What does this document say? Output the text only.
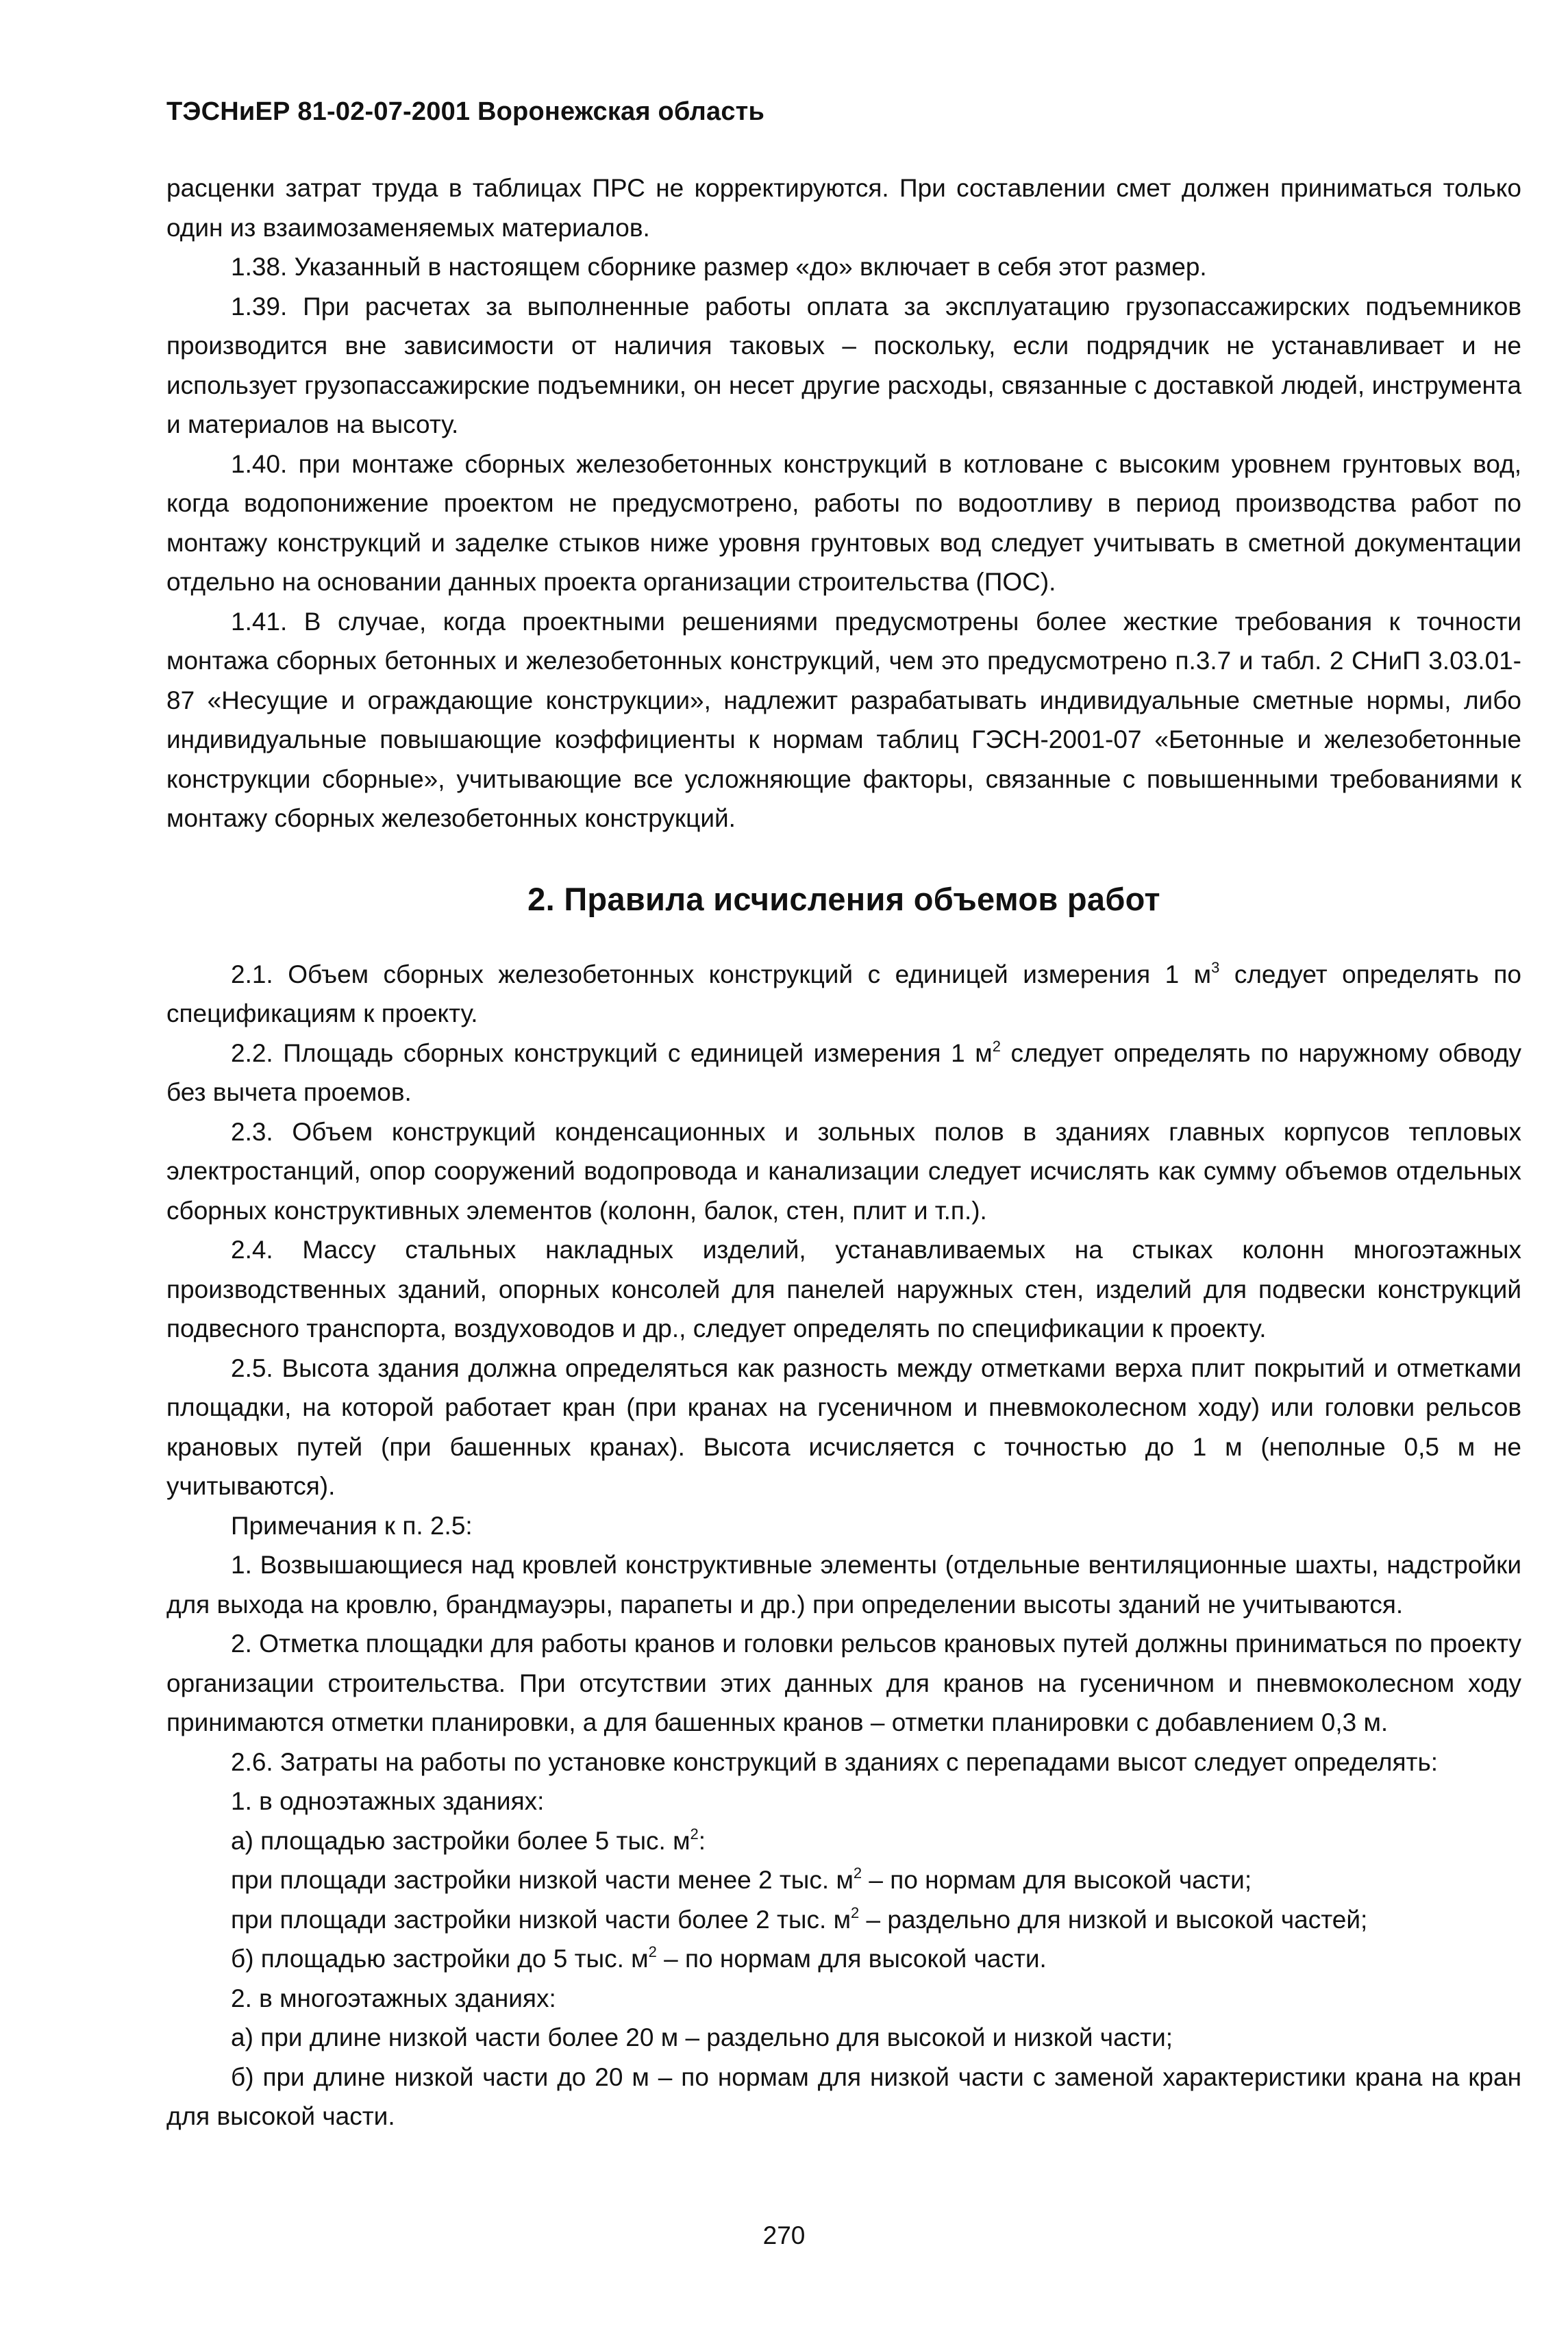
ТЭСНиЕР 81-02-07-2001 Воронежская область

расценки затрат труда в таблицах ПРС не корректируются. При составлении смет должен приниматься только один из взаимозаменяемых материалов.

1.38. Указанный в настоящем сборнике размер «до» включает в себя этот размер.

1.39. При расчетах за выполненные работы оплата за эксплуатацию грузопассажирских подъемников производится вне зависимости от наличия таковых – поскольку, если подрядчик не устанавливает и не использует грузопассажирские подъемники, он несет другие расходы, связанные с доставкой людей, инструмента и материалов на высоту.

1.40. при монтаже сборных железобетонных конструкций в котловане с высоким уровнем грунтовых вод, когда водопонижение проектом не предусмотрено, работы по водоотливу в период производства работ по монтажу конструкций и заделке стыков ниже уровня грунтовых вод следует учитывать в сметной документации отдельно на основании данных проекта организации строительства (ПОС).

1.41. В случае, когда проектными решениями предусмотрены более жесткие требования к точности монтажа сборных бетонных и железобетонных конструкций, чем это предусмотрено п.3.7 и табл. 2 СНиП 3.03.01-87 «Несущие и ограждающие конструкции», надлежит разрабатывать индивидуальные сметные нормы, либо индивидуальные повышающие коэффициенты к нормам таблиц ГЭСН-2001-07 «Бетонные и железобетонные конструкции сборные», учитывающие все усложняющие факторы, связанные с повышенными требованиями к монтажу сборных железобетонных конструкций.

2. Правила исчисления объемов работ

2.1. Объем сборных железобетонных конструкций с единицей измерения 1 $м^3$ следует определять по спецификациям к проекту.

2.2. Площадь сборных конструкций с единицей измерения 1 $м^2$ следует определять по наружному обводу без вычета проемов.

2.3. Объем конструкций конденсационных и зольных полов в зданиях главных корпусов тепловых электростанций, опор сооружений водопровода и канализации следует исчислять как сумму объемов отдельных сборных конструктивных элементов (колонн, балок, стен, плит и т.п.).

2.4. Массу стальных накладных изделий, устанавливаемых на стыках колонн многоэтажных производственных зданий, опорных консолей для панелей наружных стен, изделий для подвески конструкций подвесного транспорта, воздуховодов и др., следует определять по спецификации к проекту.

2.5. Высота здания должна определяться как разность между отметками верха плит покрытий и отметками площадки, на которой работает кран (при кранах на гусеничном и пневмоколесном ходу) или головки рельсов крановых путей (при башенных кранах). Высота исчисляется с точностью до 1 м (неполные 0,5 м не учитываются).

Примечания к п. 2.5:

1. Возвышающиеся над кровлей конструктивные элементы (отдельные вентиляционные шахты, надстройки для выхода на кровлю, брандмауэры, парапеты и др.) при определении высоты зданий не учитываются.

2. Отметка площадки для работы кранов и головки рельсов крановых путей должны приниматься по проекту организации строительства. При отсутствии этих данных для кранов на гусеничном и пневмоколесном ходу принимаются отметки планировки, а для башенных кранов – отметки планировки с добавлением 0,3 м.

2.6. Затраты на работы по установке конструкций в зданиях с перепадами высот следует определять:

1. в одноэтажных зданиях:

а) площадью застройки более 5 тыс. $м^2$:

при площади застройки низкой части менее 2 тыс. $м^2$ – по нормам для высокой части;

при площади застройки низкой части более 2 тыс. $м^2$ – раздельно для низкой и высокой частей;

б) площадью застройки до 5 тыс. $м^2$ – по нормам для высокой части.

2. в многоэтажных зданиях:

а) при длине низкой части более 20 м – раздельно для высокой и низкой части;

б) при длине низкой части до 20 м – по нормам для низкой части с заменой характеристики крана на кран для высокой части.

270
